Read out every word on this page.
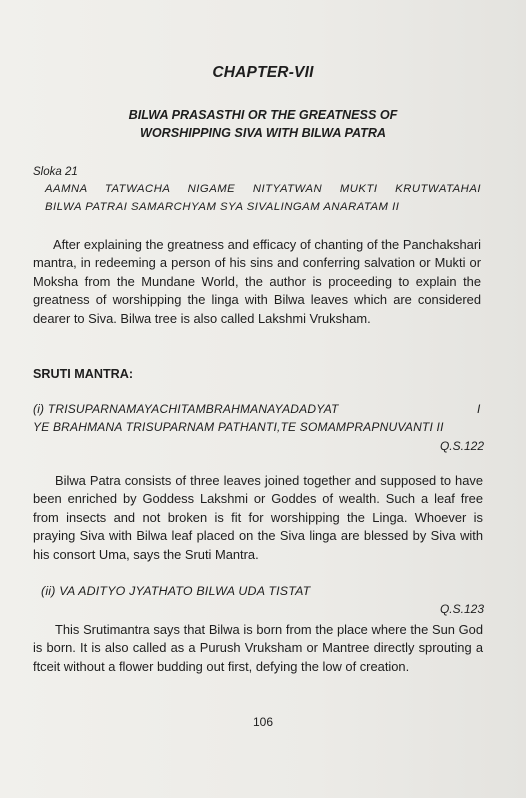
CHAPTER-VII
BILWA PRASASTHI OR THE GREATNESS OF
WORSHIPPING SIVA WITH BILWA PATRA
Sloka 21
AAMNA TATWACHA NIGAME NITYATWAN MUKTI KRUTWATAHAI
BILWA PATRAI SAMARCHYAM SYA SIVALINGAM ANARATAM II

After explaining the greatness and efficacy of chanting of the Panchakshari mantra, in redeeming a person of his sins and conferring salvation or Mukti or Moksha from the Mundane World, the author is proceeding to explain the greatness of worshipping the linga with Bilwa leaves which are considered dearer to Siva. Bilwa tree is also called Lakshmi Vruksham.

SRUTI MANTRA:
(i) TRISUPARNAMAYACHITAMBRAHMANAYADADYAT	I
YE BRAHMANA TRISUPARNAM PATHANTI,TE SOMAMPRAPNUVANTI II
Q.S.122

Bilwa Patra consists of three leaves joined together and supposed to have been enriched by Goddess Lakshmi or Goddes of wealth. Such a leaf free from insects and not broken is fit for worshipping the Linga. Whoever is praying Siva with Bilwa leaf placed on the Siva linga are blessed by Siva with his consort Uma, says the Sruti Mantra.

(ii) VA ADITYO JYATHATO BILWA UDA TISTAT
Q.S.123

This Srutimantra says that Bilwa is born from the place where the Sun God is born. It is also called as a Purush Vruksham or Mantree directly sprouting a ftceit without a flower budding out first, defying the low of creation.

106
